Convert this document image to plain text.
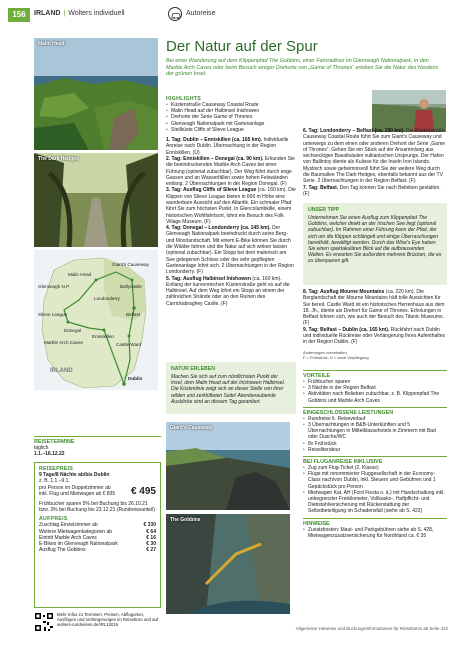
156	IRLAND | Wolters individuell	Autoreise
Der Natur auf der Spur
Bei einer Wanderung auf dem Klippenpfad The Gobbins, einer Fahrradtour im Glenveagh Nationalpark, in den Marble Arch Caves oder beim Besuch einiger Drehorte von „Game of Thrones“ erleben Sie die Natur des Nordens der grünen Insel.
Malin Head
The Dark Hedges
Malin Head
Giant's Causeway
Glenveagh N.P.	Ballycastle
Londonderry
Belfast
Slieve League
Donegal
Enniskillen
Marble Arch Caves	Castle Ward
IRLAND
Dublin
HIGHLIGHTS
• Küstenstraße Causeway Coastal Route
• Malin Head auf der Halbinsel Inishowen
• Drehorte der Serie Game of Thrones
• Glenveagh Nationalpark mit Gartenanlage
• Steilküste Cliffs of Slieve League

1. Tag: Dublin – Enniskillen (ca. 165 km). Individuelle Anreise nach Dublin. Übernachtung in der Region Enniskillen. (Ü)

2. Tag: Enniskillen – Donegal (ca. 90 km). Erkunden Sie die beeindruckenden Marble Arch Caves bei einer Führung (optional zubuchbar). Der Weg führt durch enge Gassen und an Wasserfällen sowie hohen Felswänden entlang. 2 Übernachtungen in der Region Donegal. (F)

3. Tag: Ausflug Cliffs of Slieve League (ca. 160 km). Die Klippen von Slieve League bieten in 600 m Höhe eine wunderbare Aussicht auf den Atlantik. Ein schmaler Pfad führt Sie zum höchsten Punkt. In Glencolumbkille, einem historischen Wohlfahrtsort, lohnt ein Besuch des Folk Village Museum. (F)

4. Tag: Donegal – Londonderry (ca. 145 km). Der Glenveagh Nationalpark beeindruckt durch seine Berg- und Moorlandschaft. Mit einem E-Bike können Sie durch die Wälder fahren und die Natur auf sich wirken lassen (optional zubuchbar). Ein Stopp bei dem malerisch am See gelegenen Schloss oder der sehr gepflegten Gartenanlage lohnt sich. 2 Übernachtungen in der Region Londonderry. (F)

5. Tag: Ausflug Halbinsel Inishowen (ca. 160 km). Entlang der kurvenreichen Küstenstraße geht es auf die Halbinsel. Auf dem Weg lohnt ein Stopp an einem der zahlreichen Strände oder an den Ruinen des Carrickabraghey Castle. (F)

NATUR ERLEBEN

Machen Sie sich auf zum nördlichsten Punkt der Insel, dem Malin Head auf der Inishowen Halbinsel. Die Küstenlinie zeigt sich an dieser Stelle von ihrer wilden und zerklüfteten Seite! Atemberaubende Ausblicke sind an diesem Tag garantiert.

6. Tag: Londonderry – Belfast (ca. 190 km). Die Küstenstraße Causeway Coastal Route führt Sie zum Giant's Causeway und unterwegs zu dem einen oder anderen Drehort der Serie „Game of Thrones“. Gehen Sie ein Stück auf der Ansammlung aus sechseckigen Basaltsäulen vulkanischen Ursprungs. Der Hafen von Ballintoy diente als Kulisse für die Inseln Iron Islands. Mystisch sowie geheimnisvoll führt Sie der weitere Weg durch die Baumallee The Dark Hedges, ebenfalls bekannt aus der TV Serie. 2 Übernachtungen in der Region Belfast. (F)

7. Tag: Belfast. Den Tag können Sie nach Belieben gestalten. (F)

UNSER TIPP

Unternehmen Sie einen Ausflug zum Klippenpfad The Gobbins, welcher direkt an der Irischen See liegt (optional zubuchbar). Im Rahmen einer Führung kann der Pfad, der sich um die Klippen schlängelt und einige Überraschungen bereithält, bewältigt werden. Durch das Wise's Eye haben Sie einen spektakulären Blick auf die aufbrausenden Wellen. Es erwarten Sie außerdem mehrere Brücken, die es zu überqueren gilt.

8. Tag: Ausflug Mourne Mountains (ca. 220 km). Die Berglandschaft der Mourne Mountains hält tolle Aussichten für Sie bereit. Castle Ward ist ein historisches Herrenhaus aus dem 18. Jh., diente als Drehort für Game of Thrones. Erholungen in Belfast lohnen sich, wie auch der Besuch des Titanic Museums. (F)

9. Tag: Belfast – Dublin (ca. 165 km). Rückfahrt nach Dublin und individuelle Rückreise oder Verlängerung Ihres Aufenthaltes in der Region Dublin. (F)

Änderungen vorbehalten.
F = Frühstück, Ü = ohne Verpflegung
Giant's Causeway
The Gobbins
VORTEILE
• Frühbucher sparen
• 3 Nächte in der Region Belfast
• Aktivitäten nach Belieben zubuchbar, z. B. Klippenpfad The Gobbins und Marble Arch Caves
EINGESCHLOSSENE LEISTUNGEN
• Rundreise lt. Reiseverlauf
• 3 Übernachtungen in B&B-Unterkünften und 5 Übernachtungen in Mittelklassehotels in Zimmern mit Bad oder Dusche/WC
• 8x Frühstück
• Reiseliterateur
BEI FLUGANREISE INKLUSIVE
• Zug zum Flug-Ticket (2. Klasse)
• Flüge mit renommierter Fluggesellschaft in der Economy-Class nach/von Dublin, inkl. Steuern und Gebühren und 1 Gepäckstück pro Person
• Mietwagen Kat. AH (Ford Fiesta o. ä.) mit Handschaltung inkl. unbegrenzter Freikilometer, Vollkasko-, Haftpflicht- und Diebstahlversicherung mit Rückerstattung der Selbstbeteiligung im Schadensfall (siehe ab S. 422)
HINWEISE
• Zusatzkosten: Maut- und Parkgebühren siehe ab S. 428, Mietwagenzusatzversicherung für Nordirland ca. € 35
REISETERMINE
täglich
1.1.–16.12.22
REISEPREIS
9 Tage/8 Nächte ab/bis Dublin
z. B. 1.1.–9.1.
pro Person im Doppelzimmer ab
inkl. Flug und Mietwagen ab € 835	€ 495
Frühbucher sparen 5% bei Buchung bis 26.10.21 bzw. 3% bei Buchung bis 23.12.21 (Rundreiseanteil)
AUFPREIS
Zuschlag Einzelzimmer ab	€ 330
Weitere Mietwagenkategorien ab	€ 64
Eintritt Marble Arch Caves	€ 16
E-Bikes im Glenveagh Nationalpark	€ 30
Ausflug The Gobbins	€ 27
Mehr Infos zu Terminen, Preisen, Abflugorten, Ausflügen und Verlängerungen im Reisebüro und auf wolters-rundreisen.de/IRL12016
Allgemeine Hinweise und Buchungsinformationen für Reisebüros ab Seite 422
